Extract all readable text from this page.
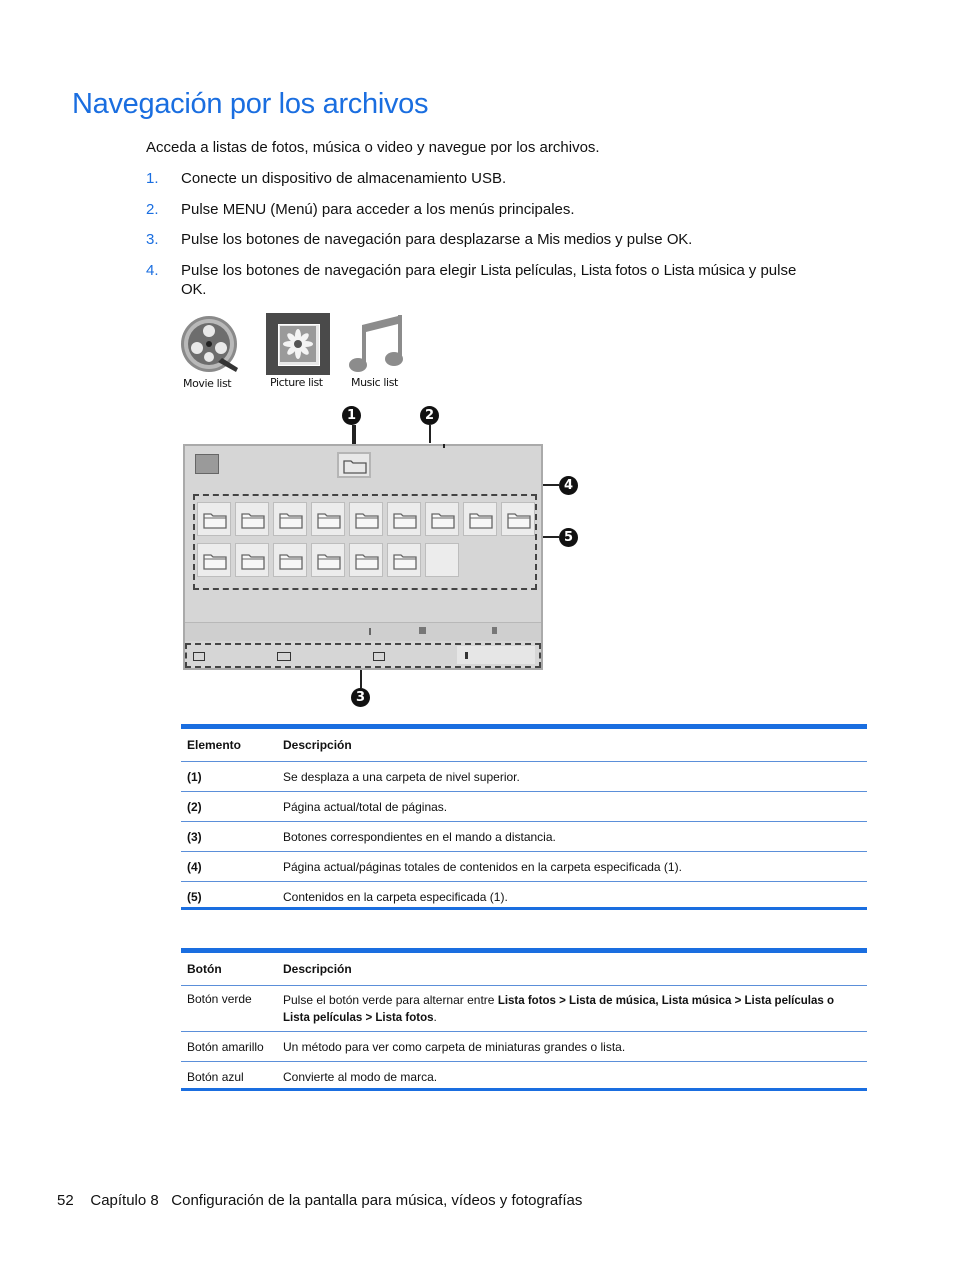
Navegación por los archivos
Acceda a listas de fotos, música o video y navegue por los archivos.
1. Conecte un dispositivo de almacenamiento USB.
2. Pulse MENU (Menú) para acceder a los menús principales.
3. Pulse los botones de navegación para desplazarse a Mis medios y pulse OK.
4. Pulse los botones de navegación para elegir Lista películas, Lista fotos o Lista música y pulse
OK.
Movie list	Picture list	Music list
1	2
4
5
3
Elemento	Descripción
(1)	Se desplaza a una carpeta de nivel superior.
(2)	Página actual/total de páginas.
(3)	Botones correspondientes en el mando a distancia.
(4)	Página actual/páginas totales de contenidos en la carpeta especificada (1).
(5)	Contenidos en la carpeta especificada (1).
Botón	Descripción
Botón verde	Pulse el botón verde para alternar entre Lista fotos > Lista de música, Lista música > Lista películas o Lista películas > Lista fotos.
Botón amarillo	Un método para ver como carpeta de miniaturas grandes o lista.
Botón azul	Convierte al modo de marca.
52 Capítulo 8 Configuración de la pantalla para música, vídeos y fotografías
